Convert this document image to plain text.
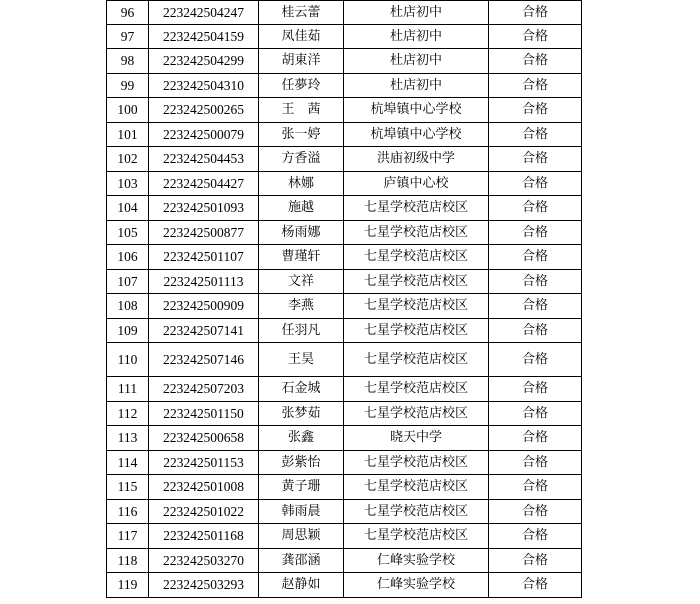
96	223242504247	桂云蕾	杜店初中	合格
97	223242504159	凤佳茹	杜店初中	合格
98	223242504299	胡東洋	杜店初中	合格
99	223242504310	任夢玲	杜店初中	合格
100	223242500265	王　茜	杭埠镇中心学校	合格
101	223242500079	张一婷	杭埠镇中心学校	合格
102	223242504453	方香溢	洪庙初级中学	合格
103	223242504427	林娜	庐镇中心校	合格
104	223242501093	施越	七星学校范店校区	合格
105	223242500877	杨雨娜	七星学校范店校区	合格
106	223242501107	曹瑾轩	七星学校范店校区	合格
107	223242501113	文祥	七星学校范店校区	合格
108	223242500909	李燕	七星学校范店校区	合格
109	223242507141	任羽凡	七星学校范店校区	合格
110	223242507146	王昊	七星学校范店校区	合格
111	223242507203	石金城	七星学校范店校区	合格
112	223242501150	张梦茹	七星学校范店校区	合格
113	223242500658	张鑫	晓天中学	合格
114	223242501153	彭紫怡	七星学校范店校区	合格
115	223242501008	黄子珊	七星学校范店校区	合格
116	223242501022	韩雨晨	七星学校范店校区	合格
117	223242501168	周思颖	七星学校范店校区	合格
118	223242503270	龚邵涵	仁峰实验学校	合格
119	223242503293	赵静如	仁峰实验学校	合格
